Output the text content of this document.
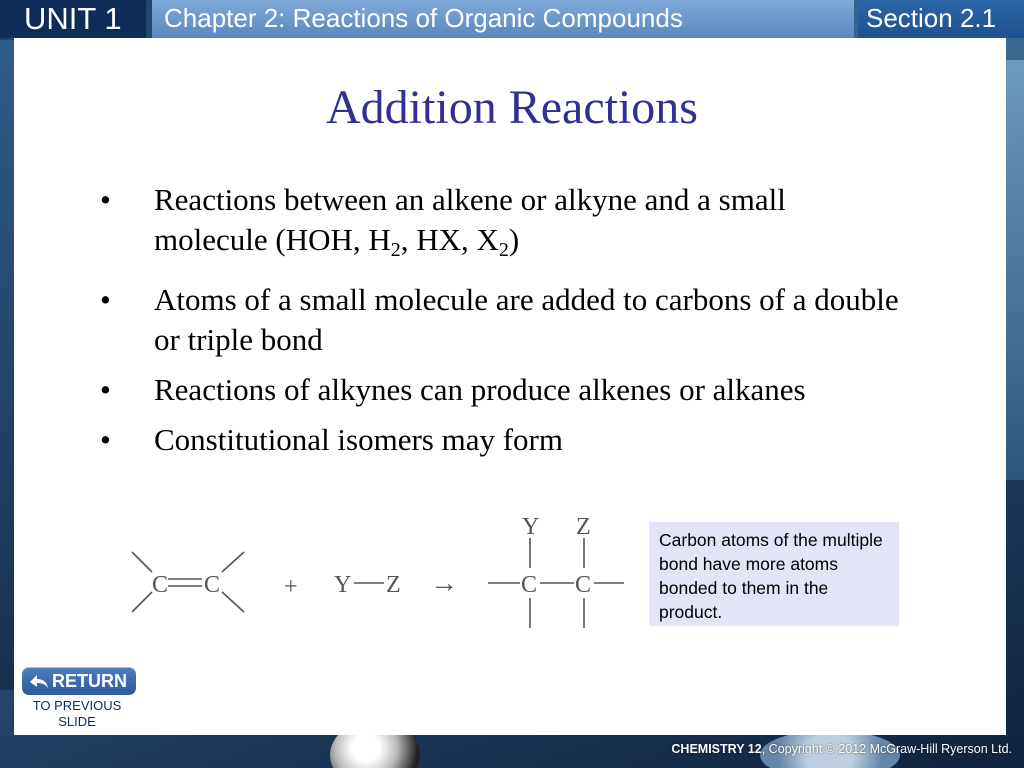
UNIT 1	Chapter 2: Reactions of Organic Compounds	Section 2.1
Addition Reactions
• Reactions between an alkene or alkyne and a small molecule (HOH, $H_2$, HX, $X_2$)
• Atoms of a small molecule are added to carbons of a double or triple bond
• Reactions of alkynes can produce alkenes or alkanes
• Constitutional isomers may form
C C	+ Y Z →
Y Z
C C
Carbon atoms of the multiple bond have more atoms bonded to them in the product.
RETURN
TO PREVIOUS SLIDE
CHEMISTRY 12, Copyright © 2012 McGraw-Hill Ryerson Ltd.
